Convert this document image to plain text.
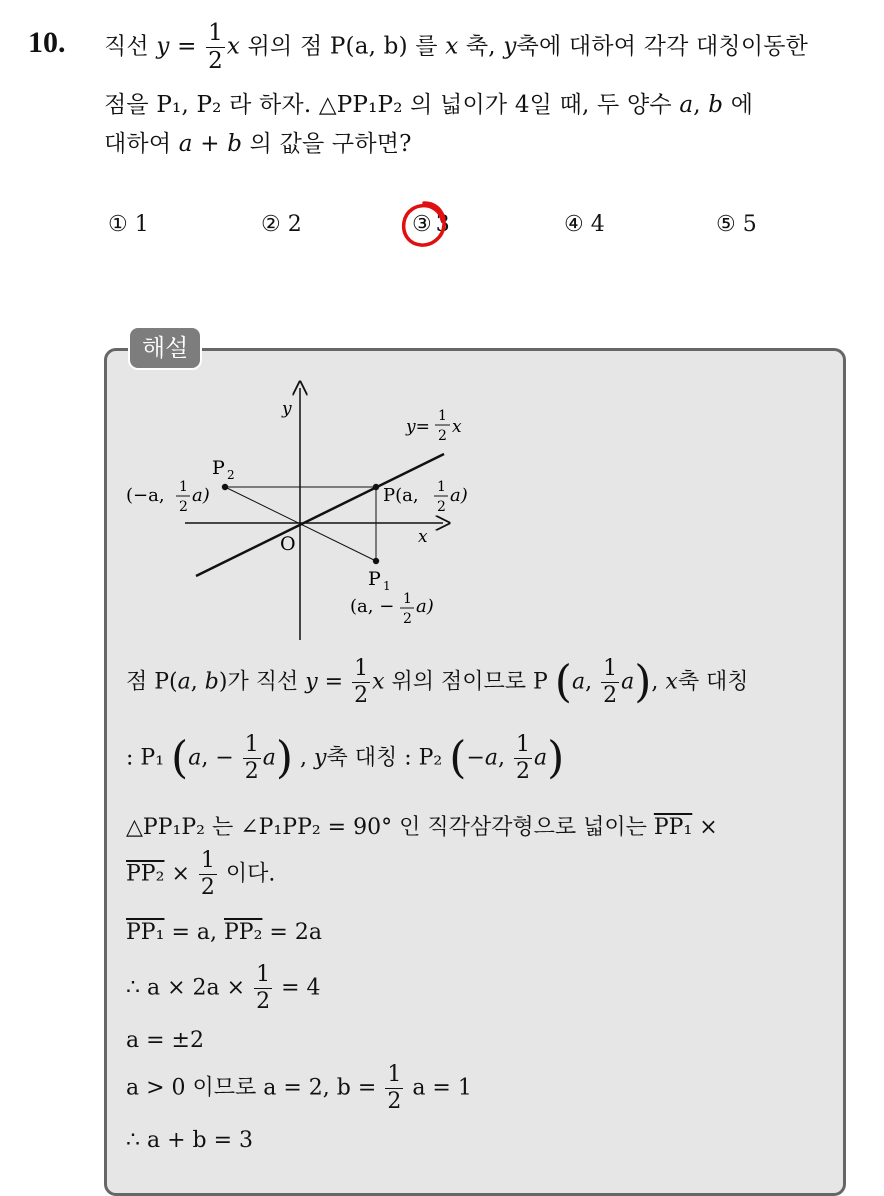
10. 직선 $y = \frac{1}{2}$ x 위의 점 P(a, b) 를 x 축, y축에 대하여 각각 대칭이동한
점을 P₁, P₂ 라 하자. △PP₁P₂ 의 넓이가 4일 때, 두 양수 a, b 에
대하여 a + b 의 값을 구하면?
① 1	② 2	③ 3	④ 4	⑤ 5
해설
y
x
O
y=
1
2 x
P 2
(−a, 1
2
a)	P(a, 1
2
a)
P 1
(a, − 1
2
a)
점 P(a, b)가 직선 $y = \frac{1}{2}$ x 위의 점이므로 P (a, $\frac{1}{2} a$), x축 대칭
: P₁ (a, − $\frac{1}{2} a$) , y축 대칭 : P₂ (−a, $\frac{1}{2} a$)
△PP₁P₂ 는 ∠P₁PP₂ = 90° 인 직각삼각형으로 넓이는 PP₁ ×
$PP_2 \times \frac{1}{2}$ 이다.
PP₁ = a, PP₂ = 2a
∴ $a \times 2a \times \frac{1}{2} = 4$
a = ±2
a > 0 이므로 a = 2, $b = \frac{1}{2}$ a = 1
∴ a + b = 3
